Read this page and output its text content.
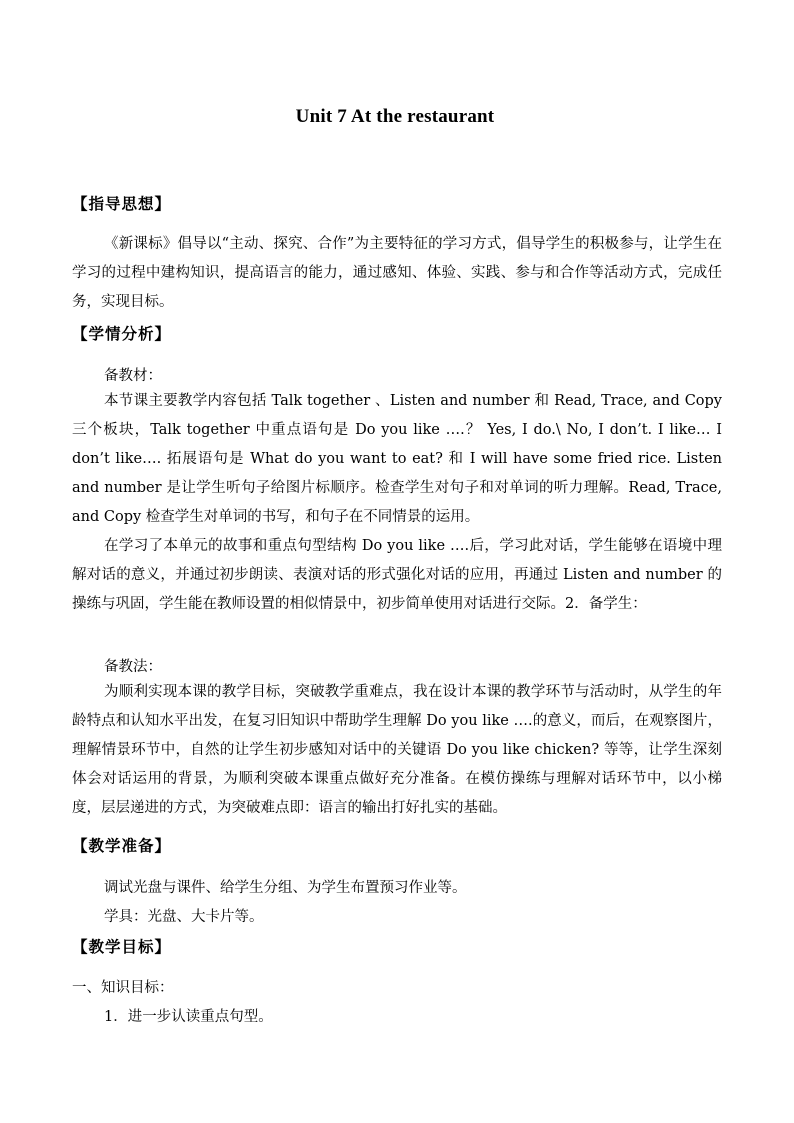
Unit 7 At the restaurant
【指导思想】
《新课标》倡导以“主动、探究、合作”为主要特征的学习方式，倡导学生的积极参与，让学生在学习的过程中建构知识，提高语言的能力，通过感知、体验、实践、参与和合作等活动方式，完成任务，实现目标。
【学情分析】
备教材：
本节课主要教学内容包括 Talk together 、Listen and number 和 Read, Trace, and Copy 三个板块，Talk together 中重点语句是 Do you like ….？ Yes, I do.\ No, I don’t. I like… I don’t like…. 拓展语句是 What do you want to eat? 和 I will have some fried rice. Listen and number 是让学生听句子给图片标顺序。检查学生对句子和对单词的听力理解。Read, Trace, and Copy 检查学生对单词的书写，和句子在不同情景的运用。
在学习了本单元的故事和重点句型结构 Do you like ….后，学习此对话，学生能够在语境中理解对话的意义，并通过初步朗读、表演对话的形式强化对话的应用，再通过 Listen and number 的操练与巩固，学生能在教师设置的相似情景中，初步简单使用对话进行交际。2．备学生：
备教法：
为顺利实现本课的教学目标，突破教学重难点，我在设计本课的教学环节与活动时，从学生的年龄特点和认知水平出发，在复习旧知识中帮助学生理解 Do you like ….的意义，而后，在观察图片，理解情景环节中，自然的让学生初步感知对话中的关键语 Do you like chicken? 等等，让学生深刻体会对话运用的背景，为顺利突破本课重点做好充分准备。在模仿操练与理解对话环节中，以小梯度，层层递进的方式，为突破难点即：语言的输出打好扎实的基础。
【教学准备】
调试光盘与课件、给学生分组、为学生布置预习作业等。
学具：光盘、大卡片等。
【教学目标】
一、知识目标：
1．进一步认读重点句型。
